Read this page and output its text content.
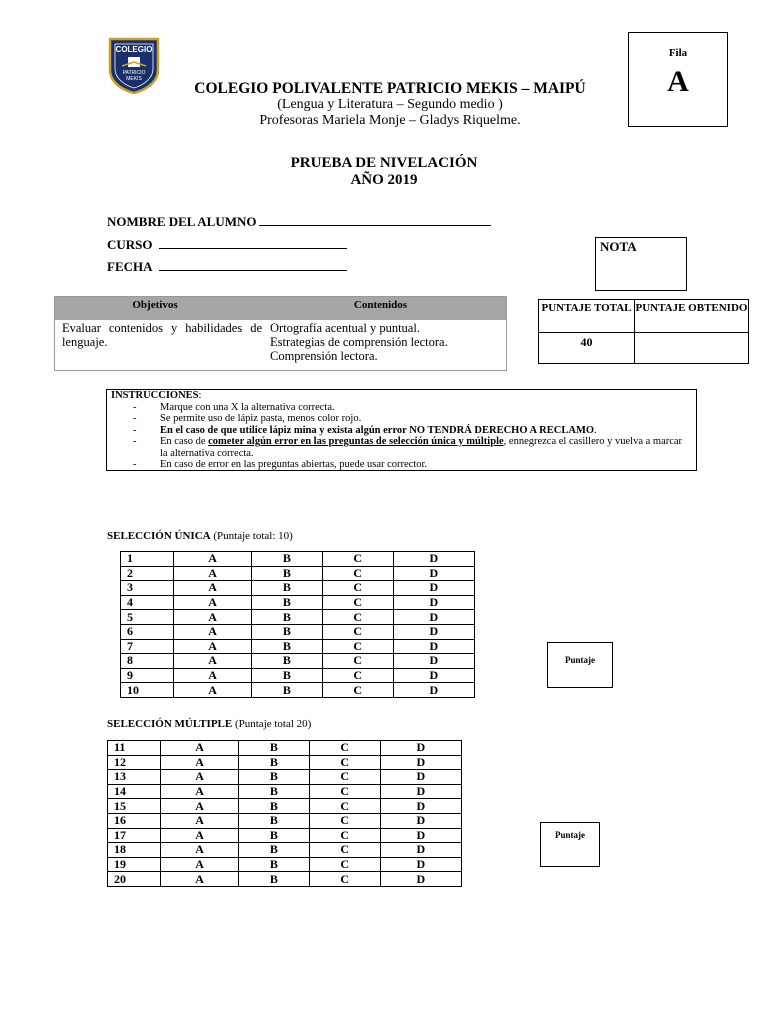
COLEGIO
PATRICIO
MEKIS
Fila
A
COLEGIO POLIVALENTE PATRICIO MEKIS – MAIPÚ
(Lengua y Literatura – Segundo medio )
Profesoras Mariela Monje – Gladys Riquelme.
PRUEBA DE NIVELACIÓN
AÑO 2019
NOMBRE DEL ALUMNO
CURSO
FECHA
NOTA
Objetivos	Contenidos
Evaluar contenidos y habilidades de lenguaje.
Ortografía acentual y puntual.
Estrategias de comprensión lectora.
Comprensión lectora.
PUNTAJE TOTAL	PUNTAJE OBTENIDO
40	
INSTRUCCIONES:
- Marque con una X la alternativa correcta.
- Se permite uso de lápiz pasta, menos color rojo.
- En el caso de que utilice lápiz mina y exista algún error NO TENDRÁ DERECHO A RECLAMO.
- En caso de cometer algún error en las preguntas de selección única y múltiple, ennegrezca el casillero y vuelva a marcar la alternativa correcta.
- En caso de error en las preguntas abiertas, puede usar corrector.
SELECCIÓN ÚNICA (Puntaje total: 10)
1	A	B	C	D
2	A	B	C	D
3	A	B	C	D
4	A	B	C	D
5	A	B	C	D
6	A	B	C	D
7	A	B	C	D
8	A	B	C	D
9	A	B	C	D
10	A	B	C	D
Puntaje
SELECCIÓN MÚLTIPLE (Puntaje total 20)
11	A	B	C	D
12	A	B	C	D
13	A	B	C	D
14	A	B	C	D
15	A	B	C	D
16	A	B	C	D
17	A	B	C	D
18	A	B	C	D
19	A	B	C	D
20	A	B	C	D
Puntaje
